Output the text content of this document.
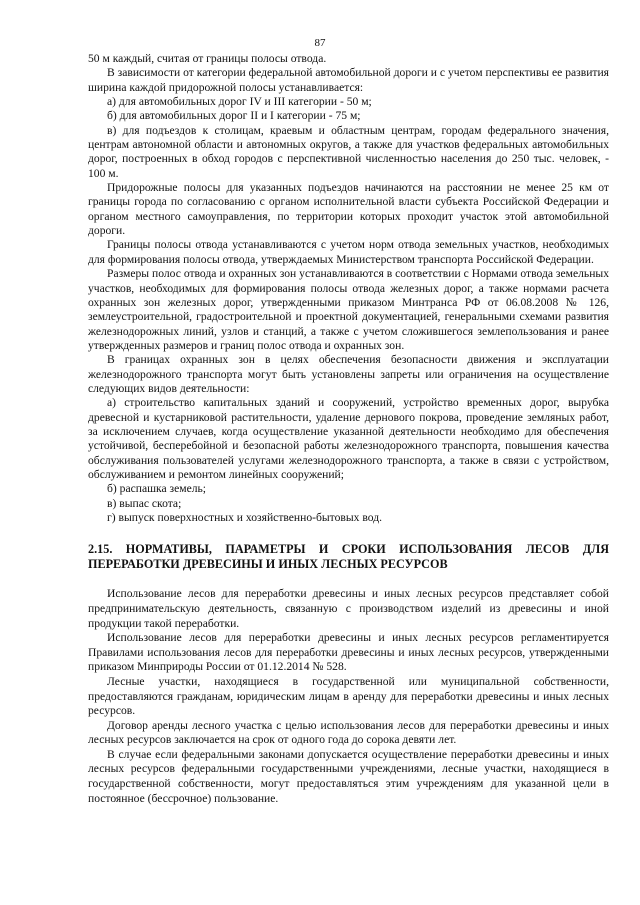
87

50 м каждый, считая от границы полосы отвода.

В зависимости от категории федеральной автомобильной дороги и с учетом перспективы ее развития ширина каждой придорожной полосы устанавливается:

а) для автомобильных дорог IV и III категории - 50 м;

б) для автомобильных дорог II и I категории - 75 м;

в) для подъездов к столицам, краевым и областным центрам, городам федерального значения, центрам автономной области и автономных округов, а также для участков федеральных автомобильных дорог, построенных в обход городов с перспективной численностью населения до 250 тыс. человек, - 100 м.

Придорожные полосы для указанных подъездов начинаются на расстоянии не менее 25 км от границы города по согласованию с органом исполнительной власти субъекта Российской Федерации и органом местного самоуправления, по территории которых проходит участок этой автомобильной дороги.

Границы полосы отвода устанавливаются с учетом норм отвода земельных участков, необходимых для формирования полосы отвода, утверждаемых Министерством транспорта Российской Федерации.

Размеры полос отвода и охранных зон устанавливаются в соответствии с Нормами отвода земельных участков, необходимых для формирования полосы отвода железных дорог, а также нормами расчета охранных зон железных дорог, утвержденными приказом Минтранса РФ от 06.08.2008 № 126, землеустроительной, градостроительной и проектной документацией, генеральными схемами развития железнодорожных линий, узлов и станций, а также с учетом сложившегося землепользования и ранее утвержденных размеров и границ полос отвода и охранных зон.

В границах охранных зон в целях обеспечения безопасности движения и эксплуатации железнодорожного транспорта могут быть установлены запреты или ограничения на осуществление следующих видов деятельности:

а) строительство капитальных зданий и сооружений, устройство временных дорог, вырубка древесной и кустарниковой растительности, удаление дернового покрова, проведение земляных работ, за исключением случаев, когда осуществление указанной деятельности необходимо для обеспечения устойчивой, бесперебойной и безопасной работы железнодорожного транспорта, повышения качества обслуживания пользователей услугами железнодорожного транспорта, а также в связи с устройством, обслуживанием и ремонтом линейных сооружений;

б) распашка земель;

в) выпас скота;

г) выпуск поверхностных и хозяйственно-бытовых вод.

2.15. НОРМАТИВЫ, ПАРАМЕТРЫ И СРОКИ ИСПОЛЬЗОВАНИЯ ЛЕСОВ ДЛЯ ПЕРЕРАБОТКИ ДРЕВЕСИНЫ И ИНЫХ ЛЕСНЫХ РЕСУРСОВ

Использование лесов для переработки древесины и иных лесных ресурсов представляет собой предпринимательскую деятельность, связанную с производством изделий из древесины и иной продукции такой переработки.

Использование лесов для переработки древесины и иных лесных ресурсов регламентируется Правилами использования лесов для переработки древесины и иных лесных ресурсов, утвержденными приказом Минприроды России от 01.12.2014 № 528.

Лесные участки, находящиеся в государственной или муниципальной собственности, предоставляются гражданам, юридическим лицам в аренду для переработки древесины и иных лесных ресурсов.

Договор аренды лесного участка с целью использования лесов для переработки древесины и иных лесных ресурсов заключается на срок от одного года до сорока девяти лет.

В случае если федеральными законами допускается осуществление переработки древесины и иных лесных ресурсов федеральными государственными учреждениями, лесные участки, находящиеся в государственной собственности, могут предоставляться этим учреждениям для указанной цели в постоянное (бессрочное) пользование.
